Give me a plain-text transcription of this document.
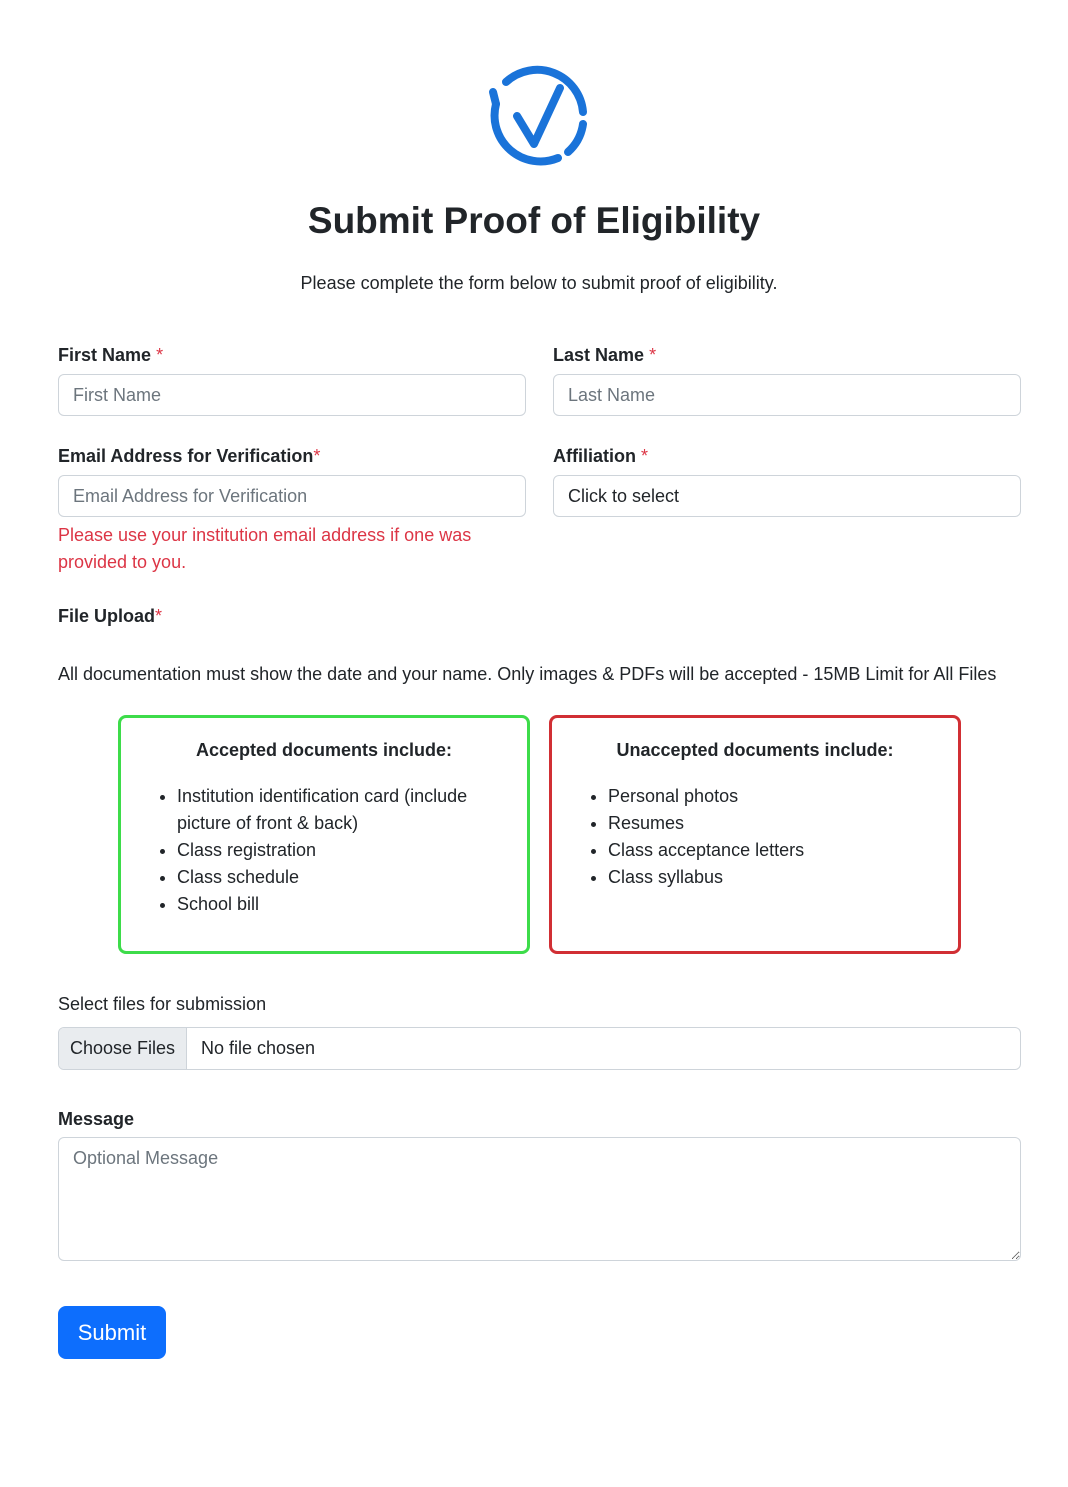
Submit Proof of Eligibility

Please complete the form below to submit proof of eligibility.

First Name *
First Name	Last Name *
Last Name
Email Address for Verification*
Email Address for Verification
Please use your institution email address if one was provided to you.
Affiliation *
Click to select
File Upload*
All documentation must show the date and your name. Only images & PDFs will be accepted - 15MB Limit for All Files
Accepted documents include:
• Institution identification card (include picture of front & back)
• Class registration
• Class schedule
• School bill
Unaccepted documents include:
• Personal photos
• Resumes
• Class acceptance letters
• Class syllabus
Select files for submission
Choose Files	No file chosen
Message
Optional Message
Submit
